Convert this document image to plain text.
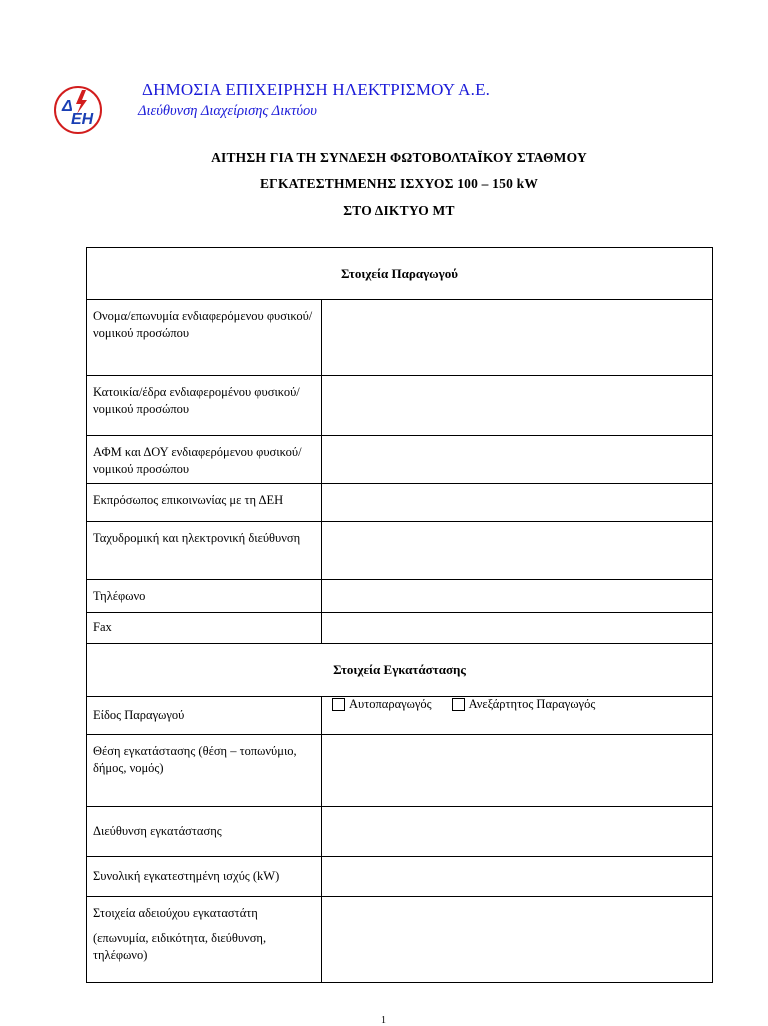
Δ
ΕΗ
ΔΗΜΟΣΙΑ ΕΠΙΧΕΙΡΗΣΗ ΗΛΕΚΤΡΙΣΜΟΥ Α.Ε.
Διεύθυνση Διαχείρισης Δικτύου
ΑΙΤΗΣΗ ΓΙΑ ΤΗ ΣΥΝΔΕΣΗ ΦΩΤΟΒΟΛΤΑΪΚΟΥ ΣΤΑΘΜΟΥ
ΕΓΚΑΤΕΣΤΗΜΕΝΗΣ ΙΣΧΥΟΣ 100 – 150 kW
ΣΤΟ ΔΙΚΤΥΟ ΜΤ
Στοιχεία Παραγωγού	
Ονομα/επωνυμία ενδιαφερόμενου φυσικού/νομικού προσώπου	
Κατοικία/έδρα ενδιαφερομένου φυσικού/νομικού προσώπου	
ΑΦΜ και ΔΟΥ ενδιαφερόμενου φυσικού/νομικού προσώπου	
Εκπρόσωπος επικοινωνίας με τη ΔΕΗ	
Ταχυδρομική και ηλεκτρονική διεύθυνση	
Τηλέφωνο	
Fax	
Στοιχεία Εγκατάστασης	
Είδος Παραγωγού	Αυτοπαραγωγός Ανεξάρτητος Παραγωγός

Θέση εγκατάστασης (θέση – τοπωνύμιο, δήμος, νομός)	
Διεύθυνση εγκατάστασης	
Συνολική εγκατεστημένη ισχύς (kW)	
Στοιχεία αδειούχου εγκαταστάτη
(επωνυμία, ειδικότητα, διεύθυνση, τηλέφωνο)	

1
